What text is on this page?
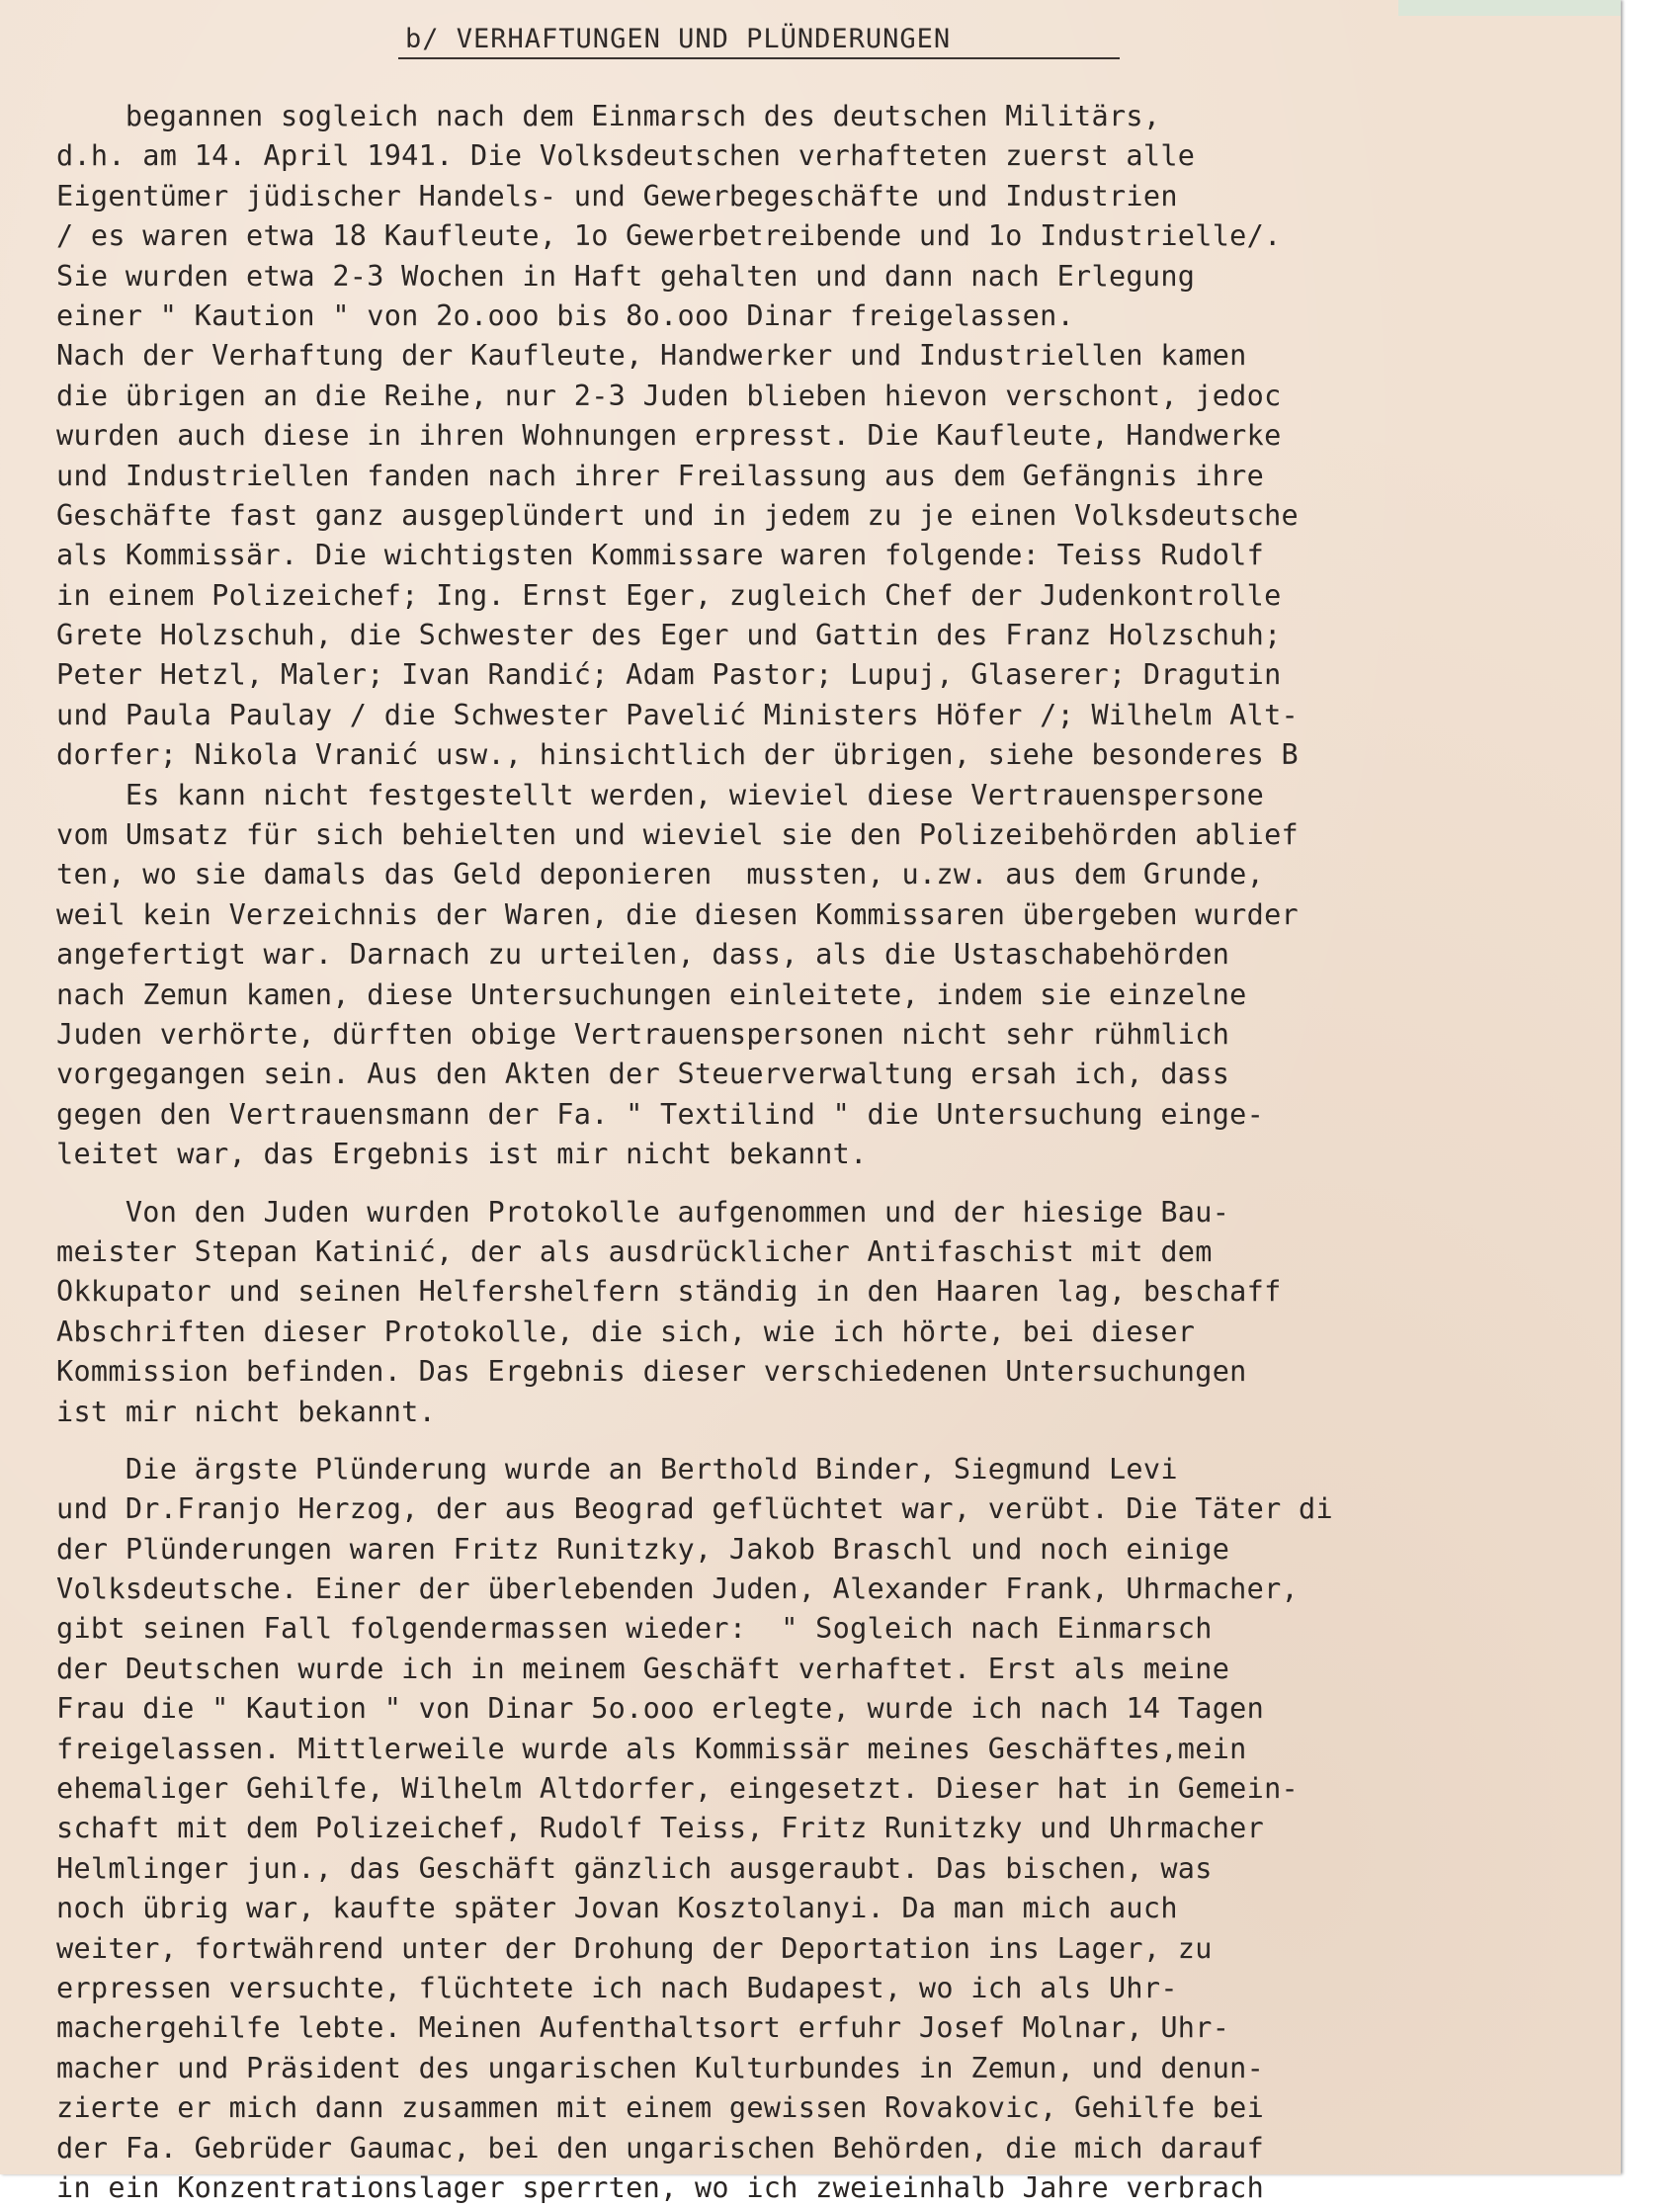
b/ VERHAFTUNGEN UND PLÜNDERUNGEN
begannen sogleich nach dem Einmarsch des deutschen Militärs,
d.h. am 14. April 1941. Die Volksdeutschen verhafteten zuerst alle
Eigentümer jüdischer Handels- und Gewerbegeschäfte und Industrien
/ es waren etwa 18 Kaufleute, 1o Gewerbetreibende und 1o Industrielle/.
Sie wurden etwa 2-3 Wochen in Haft gehalten und dann nach Erlegung
einer " Kaution " von 2o.ooo bis 8o.ooo Dinar freigelassen.
Nach der Verhaftung der Kaufleute, Handwerker und Industriellen kamen
die übrigen an die Reihe, nur 2-3 Juden blieben hievon verschont, jedoc
wurden auch diese in ihren Wohnungen erpresst. Die Kaufleute, Handwerke
und Industriellen fanden nach ihrer Freilassung aus dem Gefängnis ihre
Geschäfte fast ganz ausgeplündert und in jedem zu je einen Volksdeutsche
als Kommissär. Die wichtigsten Kommissare waren folgende: Teiss Rudolf
in einem Polizeichef; Ing. Ernst Eger, zugleich Chef der Judenkontrolle
Grete Holzschuh, die Schwester des Eger und Gattin des Franz Holzschuh;
Peter Hetzl, Maler; Ivan Randić; Adam Pastor; Lupuj, Glaserer; Dragutin
und Paula Paulay / die Schwester Pavelić Ministers Höfer /; Wilhelm Alt-
dorfer; Nikola Vranić usw., hinsichtlich der übrigen, siehe besonderes B
Es kann nicht festgestellt werden, wieviel diese Vertrauenspersone
vom Umsatz für sich behielten und wieviel sie den Polizeibehörden ablief
ten, wo sie damals das Geld deponieren  mussten, u.zw. aus dem Grunde,
weil kein Verzeichnis der Waren, die diesen Kommissaren übergeben wurder
angefertigt war. Darnach zu urteilen, dass, als die Ustaschabehörden
nach Zemun kamen, diese Untersuchungen einleitete, indem sie einzelne
Juden verhörte, dürften obige Vertrauenspersonen nicht sehr rühmlich
vorgegangen sein. Aus den Akten der Steuerverwaltung ersah ich, dass
gegen den Vertrauensmann der Fa. " Textilind " die Untersuchung einge-
leitet war, das Ergebnis ist mir nicht bekannt.
Von den Juden wurden Protokolle aufgenommen und der hiesige Bau-
meister Stepan Katinić, der als ausdrücklicher Antifaschist mit dem
Okkupator und seinen Helfershelfern ständig in den Haaren lag, beschaff
Abschriften dieser Protokolle, die sich, wie ich hörte, bei dieser
Kommission befinden. Das Ergebnis dieser verschiedenen Untersuchungen
ist mir nicht bekannt.
Die ärgste Plünderung wurde an Berthold Binder, Siegmund Levi
und Dr.Franjo Herzog, der aus Beograd geflüchtet war, verübt. Die Täter di
der Plünderungen waren Fritz Runitzky, Jakob Braschl und noch einige
Volksdeutsche. Einer der überlebenden Juden, Alexander Frank, Uhrmacher,
gibt seinen Fall folgendermassen wieder:  " Sogleich nach Einmarsch
der Deutschen wurde ich in meinem Geschäft verhaftet. Erst als meine
Frau die " Kaution " von Dinar 5o.ooo erlegte, wurde ich nach 14 Tagen
freigelassen. Mittlerweile wurde als Kommissär meines Geschäftes,mein
ehemaliger Gehilfe, Wilhelm Altdorfer, eingesetzt. Dieser hat in Gemein-
schaft mit dem Polizeichef, Rudolf Teiss, Fritz Runitzky und Uhrmacher
Helmlinger jun., das Geschäft gänzlich ausgeraubt. Das bischen, was
noch übrig war, kaufte später Jovan Kosztolanyi. Da man mich auch
weiter, fortwährend unter der Drohung der Deportation ins Lager, zu
erpressen versuchte, flüchtete ich nach Budapest, wo ich als Uhr-
machergehilfe lebte. Meinen Aufenthaltsort erfuhr Josef Molnar, Uhr-
macher und Präsident des ungarischen Kulturbundes in Zemun, und denun-
zierte er mich dann zusammen mit einem gewissen Rovakovic, Gehilfe bei
der Fa. Gebrüder Gaumac, bei den ungarischen Behörden, die mich darauf
in ein Konzentrationslager sperrten, wo ich zweieinhalb Jahre verbrach
